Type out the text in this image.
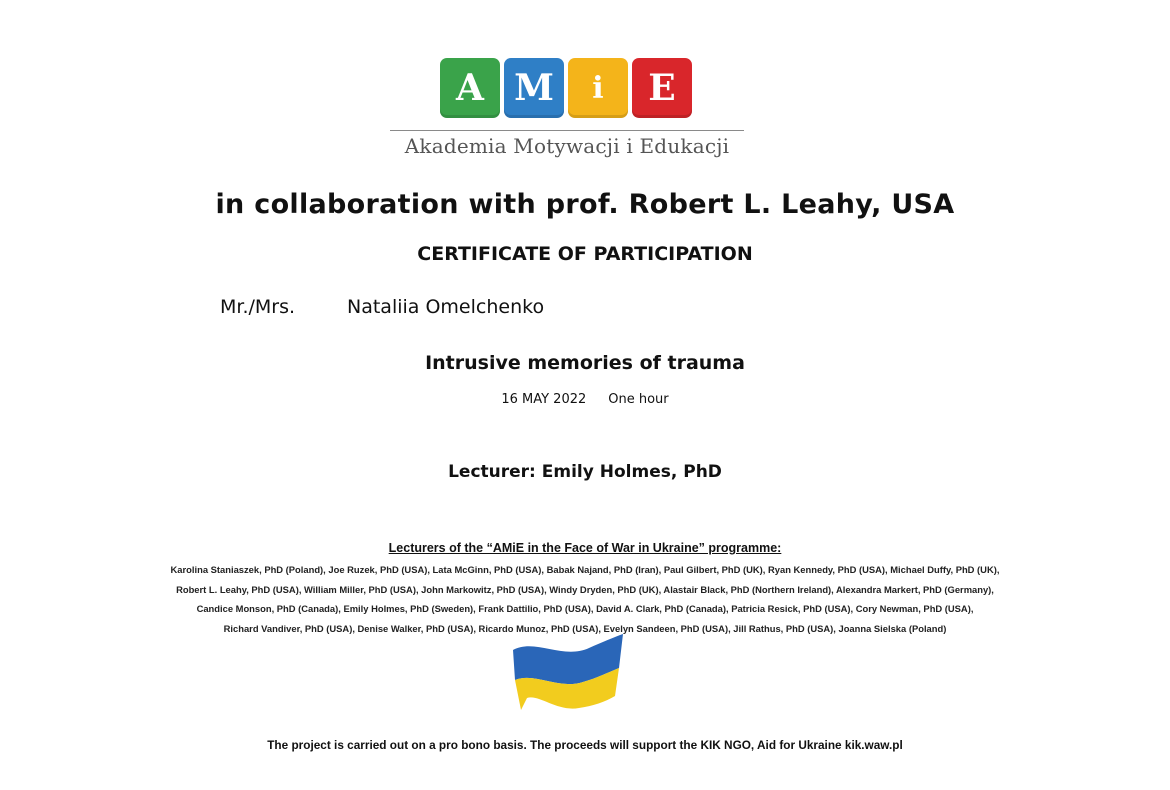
A M	i	E
Akademia Motywacji i Edukacji
in collaboration with prof. Robert L. Leahy, USA
CERTIFICATE OF PARTICIPATION
Mr./Mrs.	Nataliia Omelchenko
Intrusive memories of trauma
16 MAY 2022 One hour
Lecturer: Emily Holmes, PhD
Lecturers of the “AMiE in the Face of War in Ukraine” programme:
Karolina Staniaszek, PhD (Poland), Joe Ruzek, PhD (USA), Lata McGinn, PhD (USA), Babak Najand, PhD (Iran), Paul Gilbert, PhD (UK), Ryan Kennedy, PhD (USA), Michael Duffy, PhD (UK),
Robert L. Leahy, PhD (USA), William Miller, PhD (USA), John Markowitz, PhD (USA), Windy Dryden, PhD (UK), Alastair Black, PhD (Northern Ireland), Alexandra Markert, PhD (Germany),
Candice Monson, PhD (Canada), Emily Holmes, PhD (Sweden), Frank Dattilio, PhD (USA), David A. Clark, PhD (Canada), Patricia Resick, PhD (USA), Cory Newman, PhD (USA),
Richard Vandiver, PhD (USA), Denise Walker, PhD (USA), Ricardo Munoz, PhD (USA), Evelyn Sandeen, PhD (USA), Jill Rathus, PhD (USA), Joanna Sielska (Poland)
The project is carried out on a pro bono basis. The proceeds will support the KIK NGO, Aid for Ukraine kik.waw.pl
